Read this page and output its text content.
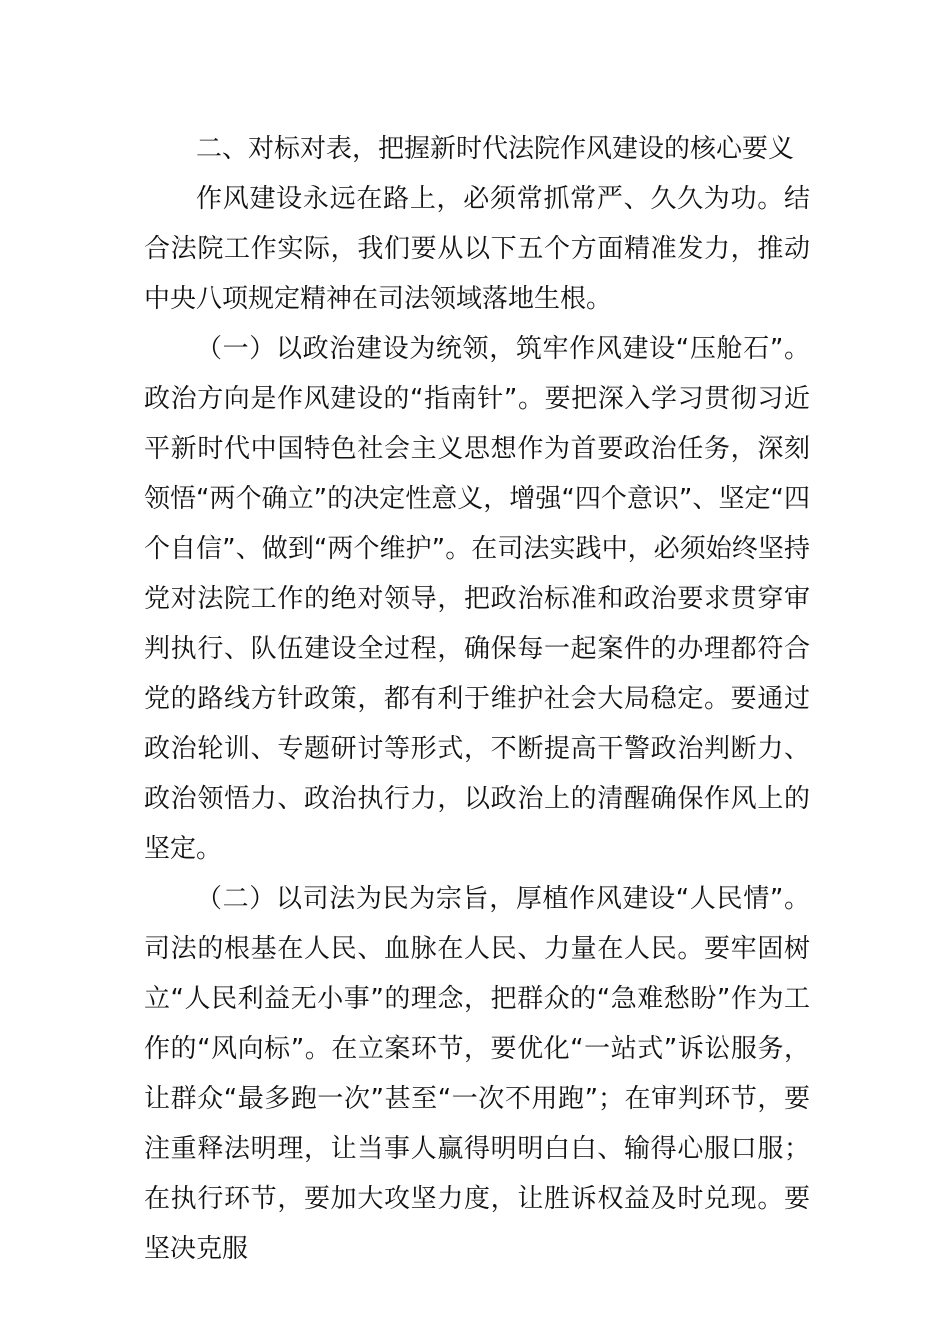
二、对标对表，把握新时代法院作风建设的核心要义

作风建设永远在路上，必须常抓常严、久久为功。结合法院工作实际，我们要从以下五个方面精准发力，推动中央八项规定精神在司法领域落地生根。

（一）以政治建设为统领，筑牢作风建设“压舱石”。政治方向是作风建设的“指南针”。要把深入学习贯彻习近平新时代中国特色社会主义思想作为首要政治任务，深刻领悟“两个确立”的决定性意义，增强“四个意识”、坚定“四个自信”、做到“两个维护”。在司法实践中，必须始终坚持党对法院工作的绝对领导，把政治标准和政治要求贯穿审判执行、队伍建设全过程，确保每一起案件的办理都符合党的路线方针政策，都有利于维护社会大局稳定。要通过政治轮训、专题研讨等形式，不断提高干警政治判断力、政治领悟力、政治执行力，以政治上的清醒确保作风上的坚定。

（二）以司法为民为宗旨，厚植作风建设“人民情”。司法的根基在人民、血脉在人民、力量在人民。要牢固树立“人民利益无小事”的理念，把群众的“急难愁盼”作为工作的“风向标”。在立案环节，要优化“一站式”诉讼服务，让群众“最多跑一次”甚至“一次不用跑”；在审判环节，要注重释法明理，让当事人赢得明明白白、输得心服口服；在执行环节，要加大攻坚力度，让胜诉权益及时兑现。要坚决克服
